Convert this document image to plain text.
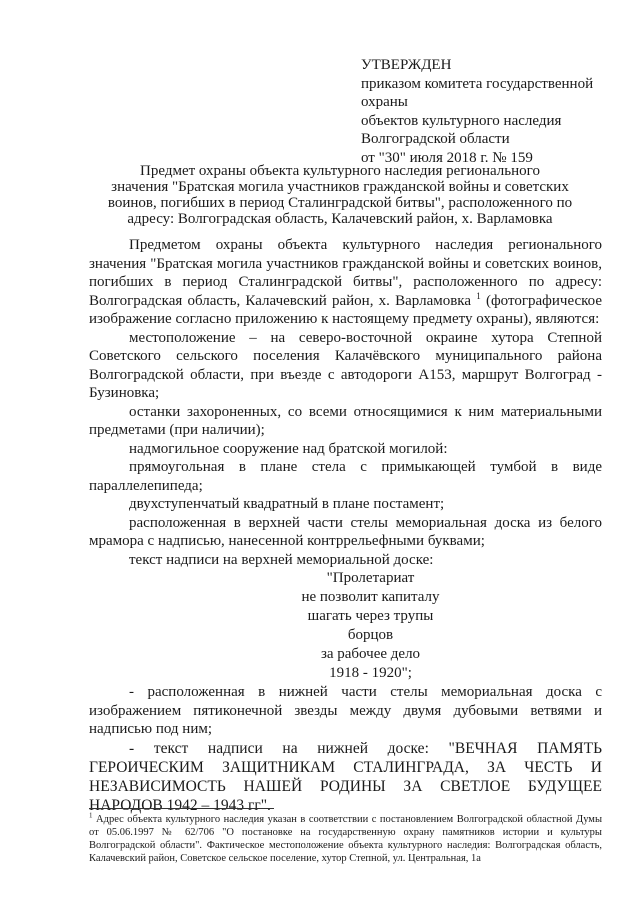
УТВЕРЖДЕН
приказом комитета государственной
охраны
объектов культурного наследия
Волгоградской области
от "30" июля 2018 г. № 159
Предмет охраны объекта культурного наследия регионального
значения "Братская могила участников гражданской войны и советских
воинов, погибших в период Сталинградской битвы", расположенного по
адресу: Волгоградская область, Калачевский район, х. Варламовка

Предметом охраны объекта культурного наследия регионального значения "Братская могила участников гражданской войны и советских воинов, погибших в период Сталинградской битвы", расположенного по адресу: Волгоградская область, Калачевский район, х. Варламовка $^1$ (фотографическое изображение согласно приложению к настоящему предмету охраны), являются:

местоположение – на северо-восточной окраине хутора Степной Советского сельского поселения Калачёвского муниципального района Волгоградской области, при въезде с автодороги А153, маршрут Волгоград - Бузиновка;

останки захороненных, со всеми относящимися к ним материальными предметами (при наличии);

надмогильное сооружение над братской могилой:

прямоугольная в плане стела с примыкающей тумбой в виде параллелепипеда;

двухступенчатый квадратный в плане постамент;

расположенная в верхней части стелы мемориальная доска из белого мрамора с надписью, нанесенной контррельефными буквами;

текст надписи на верхней мемориальной доске:

"Пролетариат
не позволит капиталу
шагать через трупы
борцов
за рабочее дело
1918 - 1920";

- расположенная в нижней части стелы мемориальная доска с изображением пятиконечной звезды между двумя дубовыми ветвями и надписью под ним;

- текст надписи на нижней доске: "ВЕЧНАЯ ПАМЯТЬ ГЕРОИЧЕСКИМ ЗАЩИТНИКАМ СТАЛИНГРАДА, ЗА ЧЕСТЬ И НЕЗАВИСИМОСТЬ НАШЕЙ РОДИНЫ ЗА СВЕТЛОЕ БУДУЩЕЕ НАРОДОВ 1942 – 1943 гг".

$^1$ Адрес объекта культурного наследия указан в соответствии с постановлением Волгоградской областной Думы от 05.06.1997 № 62/706 "О постановке на государственную охрану памятников истории и культуры Волгоградской области". Фактическое местоположение объекта культурного наследия: Волгоградская область, Калачевский район, Советское сельское поселение, хутор Степной, ул. Центральная, 1а
